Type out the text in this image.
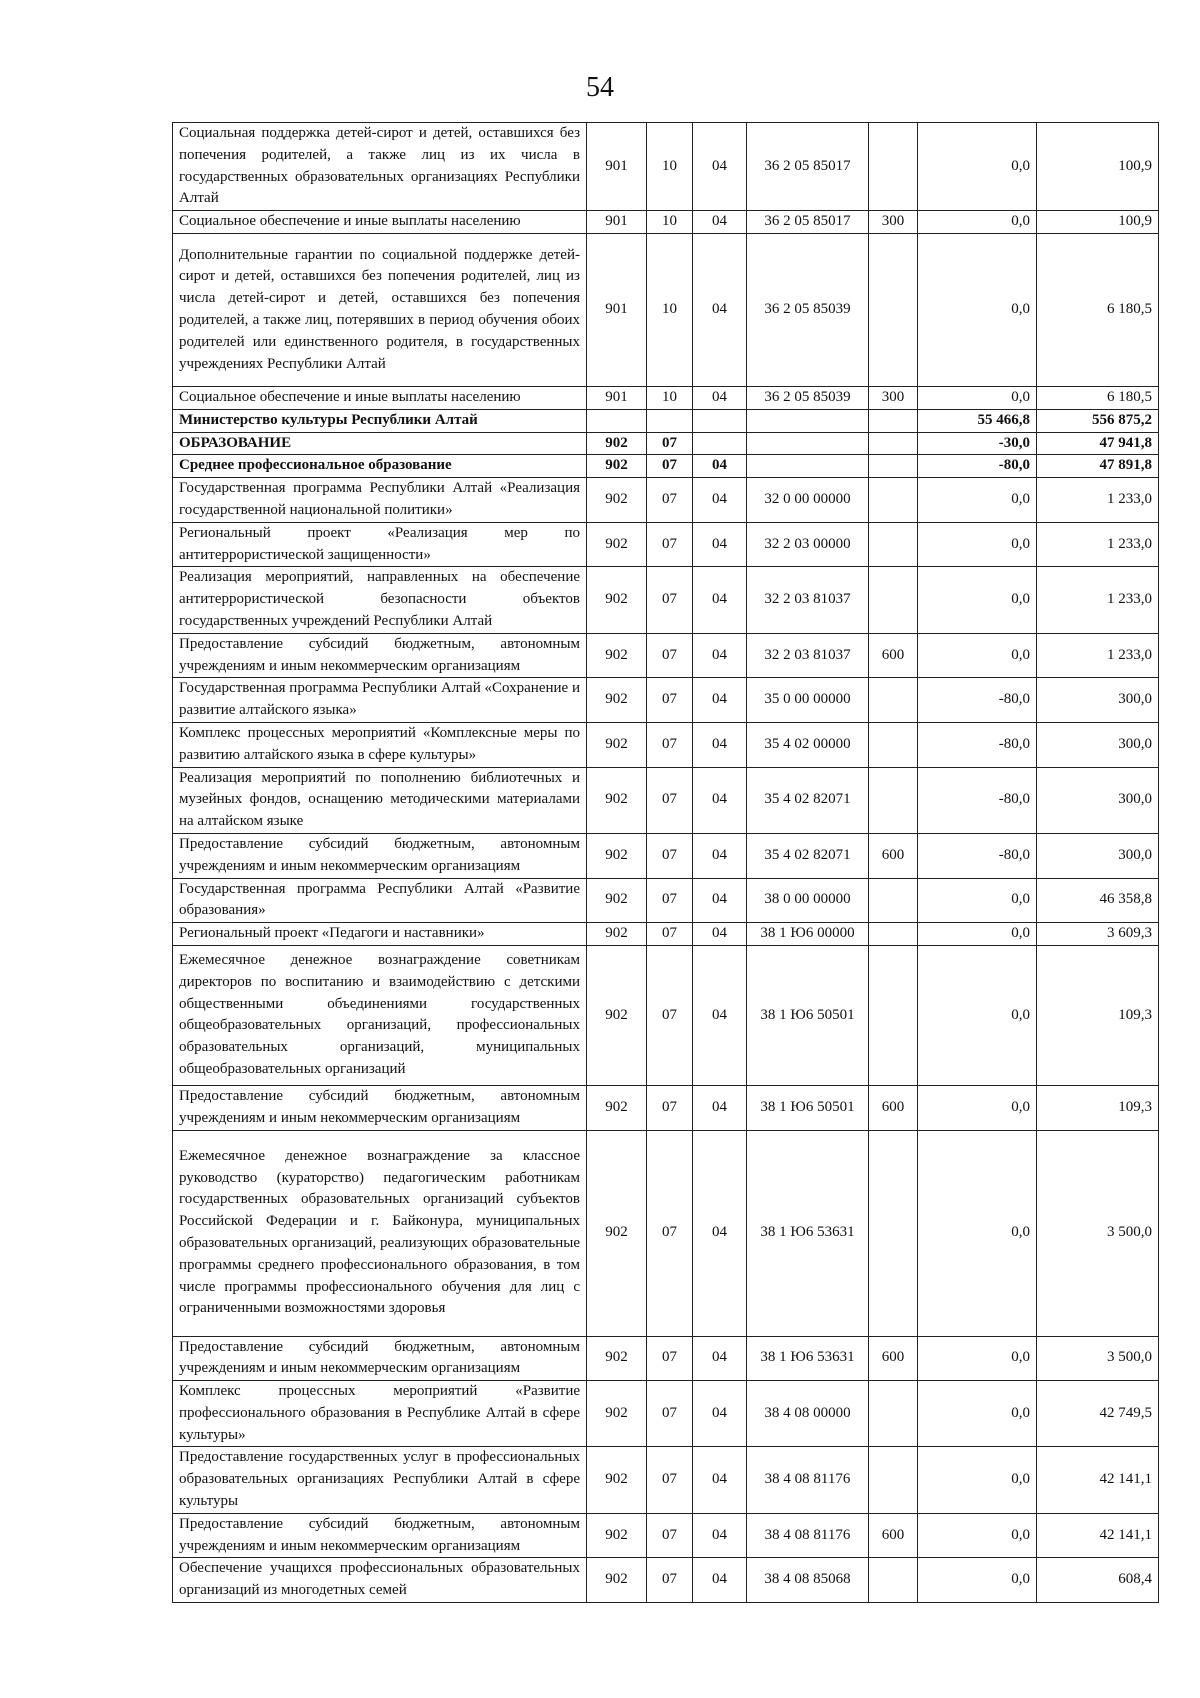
54
Социальная поддержка детей-сирот и детей, оставшихся без попечения родителей, а также лиц из их числа в государственных образовательных организациях Республики Алтай	901	10	04	36 2 05 85017		0,0	100,9
Социальное обеспечение и иные выплаты населению	901	10	04	36 2 05 85017	300	0,0	100,9
Дополнительные гарантии по социальной поддержке детей-сирот и детей, оставшихся без попечения родителей, лиц из числа детей-сирот и детей, оставшихся без попечения родителей, а также лиц, потерявших в период обучения обоих родителей или единственного родителя, в государственных учреждениях Республики Алтай	901	10	04	36 2 05 85039		0,0	6 180,5
Социальное обеспечение и иные выплаты населению	901	10	04	36 2 05 85039	300	0,0	6 180,5
Министерство культуры Республики Алтай						55 466,8	556 875,2
ОБРАЗОВАНИЕ	902	07				-30,0	47 941,8
Среднее профессиональное образование	902	07	04			-80,0	47 891,8
Государственная программа Республики Алтай «Реализация государственной национальной политики»	902	07	04	32 0 00 00000		0,0	1 233,0
Региональный проект «Реализация мер по антитеррористической защищенности»	902	07	04	32 2 03 00000		0,0	1 233,0
Реализация мероприятий, направленных на обеспечение антитеррористической безопасности объектов государственных учреждений Республики Алтай	902	07	04	32 2 03 81037		0,0	1 233,0
Предоставление субсидий бюджетным, автономным учреждениям и иным некоммерческим организациям	902	07	04	32 2 03 81037	600	0,0	1 233,0
Государственная программа Республики Алтай «Сохранение и развитие алтайского языка»	902	07	04	35 0 00 00000		-80,0	300,0
Комплекс процессных мероприятий «Комплексные меры по развитию алтайского языка в сфере культуры»	902	07	04	35 4 02 00000		-80,0	300,0
Реализация мероприятий по пополнению библиотечных и музейных фондов, оснащению методическими материалами на алтайском языке	902	07	04	35 4 02 82071		-80,0	300,0
Предоставление субсидий бюджетным, автономным учреждениям и иным некоммерческим организациям	902	07	04	35 4 02 82071	600	-80,0	300,0
Государственная программа Республики Алтай «Развитие образования»	902	07	04	38 0 00 00000		0,0	46 358,8
Региональный проект «Педагоги и наставники»	902	07	04	38 1 Ю6 00000		0,0	3 609,3
Ежемесячное денежное вознаграждение советникам директоров по воспитанию и взаимодействию с детскими общественными объединениями государственных общеобразовательных организаций, профессиональных образовательных организаций, муниципальных общеобразовательных организаций	902	07	04	38 1 Ю6 50501		0,0	109,3
Предоставление субсидий бюджетным, автономным учреждениям и иным некоммерческим организациям	902	07	04	38 1 Ю6 50501	600	0,0	109,3
Ежемесячное денежное вознаграждение за классное руководство (кураторство) педагогическим работникам государственных образовательных организаций субъектов Российской Федерации и г. Байконура, муниципальных образовательных организаций, реализующих образовательные программы среднего профессионального образования, в том числе программы профессионального обучения для лиц с ограниченными возможностями здоровья	902	07	04	38 1 Ю6 53631		0,0	3 500,0
Предоставление субсидий бюджетным, автономным учреждениям и иным некоммерческим организациям	902	07	04	38 1 Ю6 53631	600	0,0	3 500,0
Комплекс процессных мероприятий «Развитие профессионального образования в Республике Алтай в сфере культуры»	902	07	04	38 4 08 00000		0,0	42 749,5
Предоставление государственных услуг в профессиональных образовательных организациях Республики Алтай в сфере культуры	902	07	04	38 4 08 81176		0,0	42 141,1
Предоставление субсидий бюджетным, автономным учреждениям и иным некоммерческим организациям	902	07	04	38 4 08 81176	600	0,0	42 141,1
Обеспечение учащихся профессиональных образовательных организаций из многодетных семей	902	07	04	38 4 08 85068		0,0	608,4
